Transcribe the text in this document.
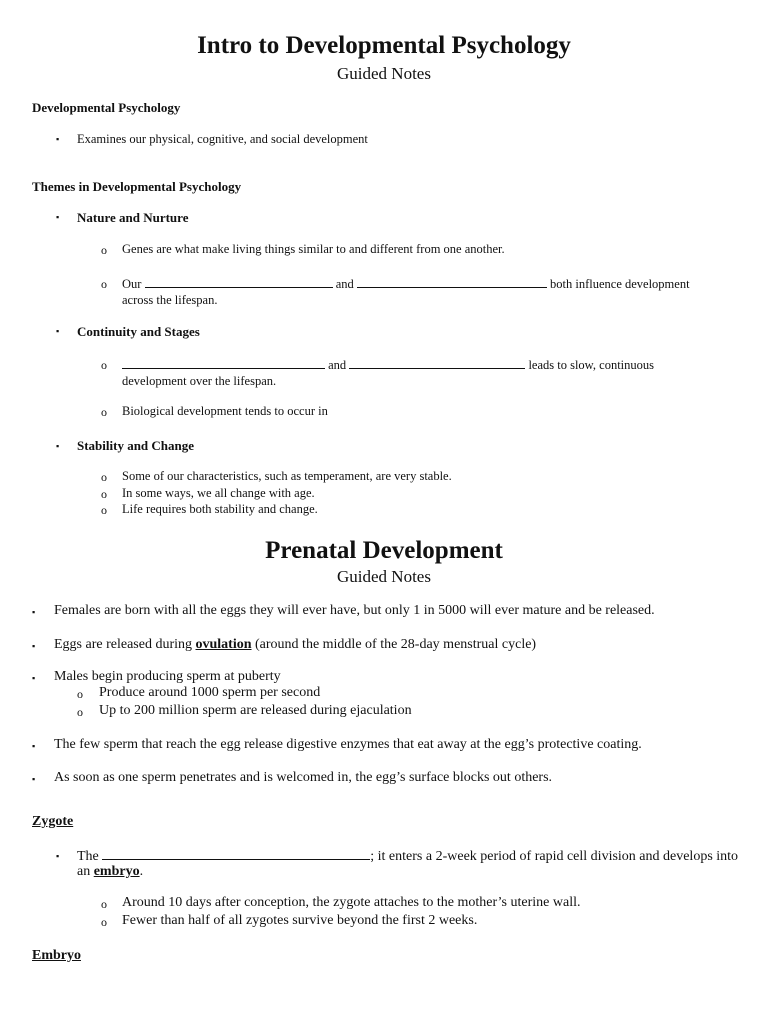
Intro to Developmental Psychology
Guided Notes
Developmental Psychology
▪ Examines our physical, cognitive, and social development
Themes in Developmental Psychology
▪ Nature and Nurture
o Genes are what make living things similar to and different from one another.
o Our	and	both influence development
across the lifespan.
▪ Continuity and Stages
o	and	leads to slow, continuous
development over the lifespan.
o Biological development tends to occur in
▪ Stability and Change
o Some of our characteristics, such as temperament, are very stable.
o In some ways, we all change with age.
o Life requires both stability and change.
Prenatal Development
Guided Notes
▪ Females are born with all the eggs they will ever have, but only 1 in 5000 will ever mature and be released.
▪ Eggs are released during ovulation (around the middle of the 28-day menstrual cycle)
▪ Males begin producing sperm at puberty
o Produce around 1000 sperm per second
o Up to 200 million sperm are released during ejaculation
▪ The few sperm that reach the egg release digestive enzymes that eat away at the egg’s protective coating.
▪ As soon as one sperm penetrates and is welcomed in, the egg’s surface blocks out others.
Zygote
▪ The	; it enters a 2-week period of rapid cell division and develops into
an embryo.
o Around 10 days after conception, the zygote attaches to the mother’s uterine wall.
o Fewer than half of all zygotes survive beyond the first 2 weeks.
Embryo
